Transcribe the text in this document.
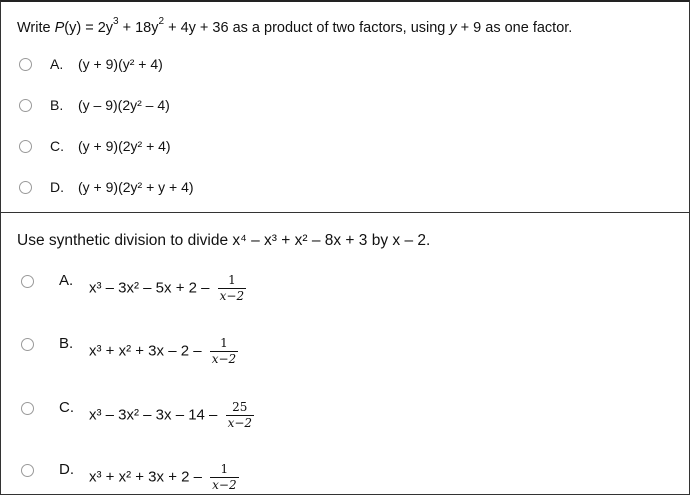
Write $P(y) = 2y^3 + 18y^2 + 4y + 36$ as a product of two factors, using y + 9 as one factor.
A. (y + 9)(y² + 4)
B. (y – 9)(2y² – 4)
C. (y + 9)(2y² + 4)
D. (y + 9)(2y² + y + 4)
Use synthetic division to divide x⁴ – x³ + x² – 8x + 3 by x – 2.
A. $x^3 - 3x^2 - 5x + 2 - \frac{1}{x-2}$
B. $x^3 + x^2 + 3x - 2 - \frac{1}{x-2}$
C. $x^3 - 3x^2 - 3x - 14 - \frac{25}{x-2}$
D. $x^3 + x^2 + 3x + 2 - \frac{1}{x-2}$
